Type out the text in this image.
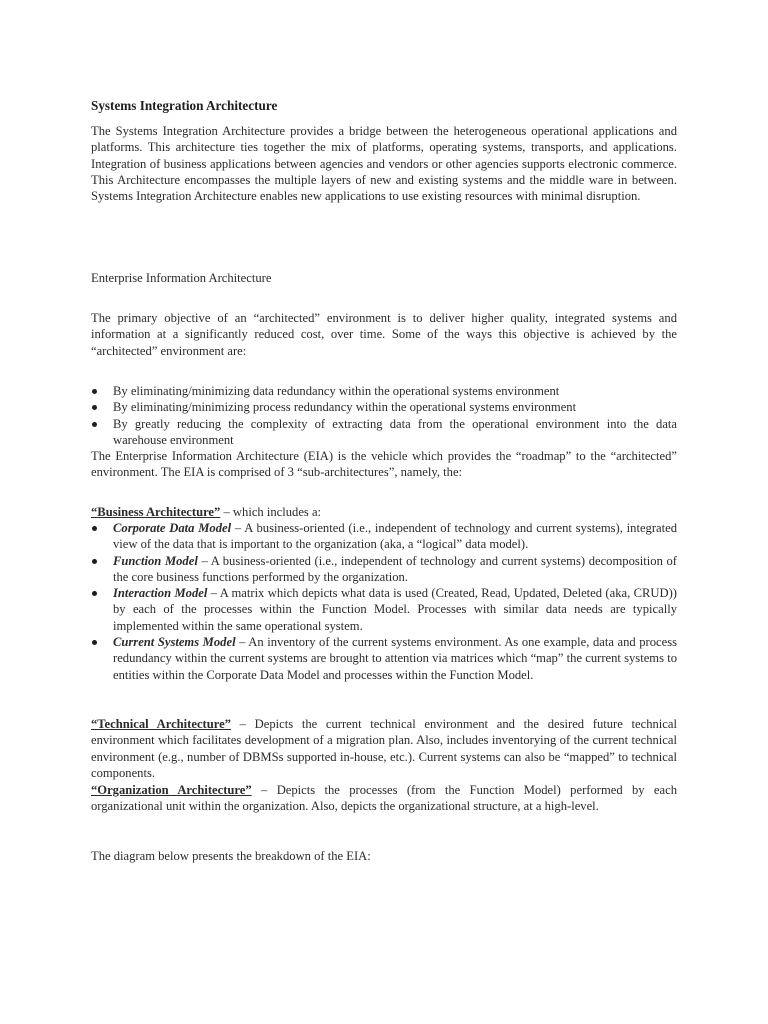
Systems Integration Architecture

The Systems Integration Architecture provides a bridge between the heterogeneous operational applications and platforms. This architecture ties together the mix of platforms, operating systems, transports, and applications. Integration of business applications between agencies and vendors or other agencies supports electronic commerce. This Architecture encompasses the multiple layers of new and existing systems and the middle ware in between. Systems Integration Architecture enables new applications to use existing resources with minimal disruption.

Enterprise Information Architecture

The primary objective of an “architected” environment is to deliver higher quality, integrated systems and information at a significantly reduced cost, over time. Some of the ways this objective is achieved by the “architected” environment are:

By eliminating/minimizing data redundancy within the operational systems environment
By eliminating/minimizing process redundancy within the operational systems environment
By greatly reducing the complexity of extracting data from the operational environment into the data warehouse environment

The Enterprise Information Architecture (EIA) is the vehicle which provides the “roadmap” to the “architected” environment. The EIA is comprised of 3 “sub-architectures”, namely, the:

“Business Architecture” – which includes a:

Corporate Data Model – A business-oriented (i.e., independent of technology and current systems), integrated view of the data that is important to the organization (aka, a “logical” data model).
Function Model – A business-oriented (i.e., independent of technology and current systems) decomposition of the core business functions performed by the organization.
Interaction Model – A matrix which depicts what data is used (Created, Read, Updated, Deleted (aka, CRUD)) by each of the processes within the Function Model. Processes with similar data needs are typically implemented within the same operational system.
Current Systems Model – An inventory of the current systems environment. As one example, data and process redundancy within the current systems are brought to attention via matrices which “map” the current systems to entities within the Corporate Data Model and processes within the Function Model.

“Technical Architecture” – Depicts the current technical environment and the desired future technical environment which facilitates development of a migration plan. Also, includes inventorying of the current technical environment (e.g., number of DBMSs supported in-house, etc.). Current systems can also be “mapped” to technical components.

“Organization Architecture” – Depicts the processes (from the Function Model) performed by each organizational unit within the organization. Also, depicts the organizational structure, at a high-level.

The diagram below presents the breakdown of the EIA:
